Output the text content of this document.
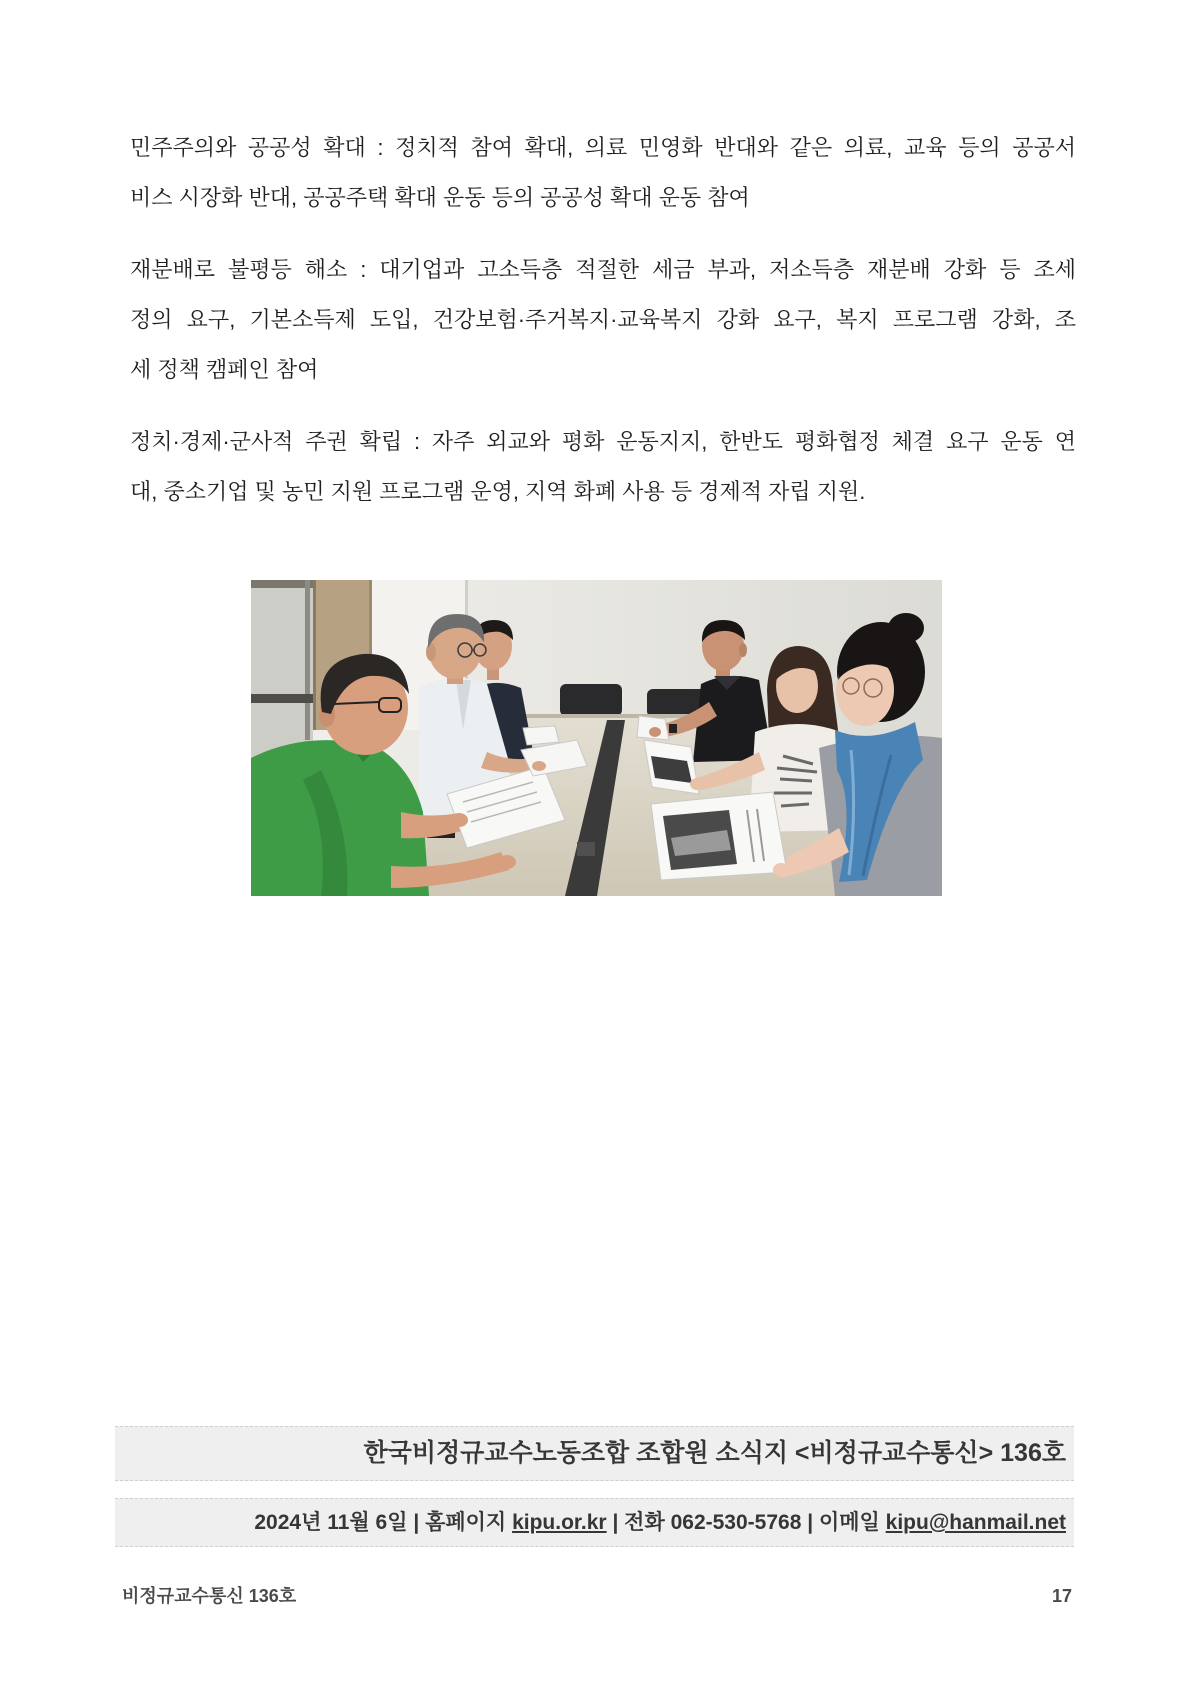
민주주의와 공공성 확대 : 정치적 참여 확대, 의료 민영화 반대와 같은 의료, 교육 등의 공공서
비스 시장화 반대, 공공주택 확대 운동 등의 공공성 확대 운동 참여
재분배로 불평등 해소 : 대기업과 고소득층 적절한 세금 부과, 저소득층 재분배 강화 등 조세
정의 요구, 기본소득제 도입, 건강보험·주거복지·교육복지 강화 요구, 복지 프로그램 강화, 조
세 정책 캠페인 참여
정치·경제·군사적 주권 확립 : 자주 외교와 평화 운동지지, 한반도 평화협정 체결 요구 운동 연
대, 중소기업 및 농민 지원 프로그램 운영, 지역 화폐 사용 등 경제적 자립 지원.
한국비정규교수노동조합 조합원 소식지 <비정규교수통신> 136호
2024년 11월 6일 | 홈페이지 kipu.or.kr | 전화 062-530-5768 | 이메일 kipu@hanmail.net
비정규교수통신 136호	17
